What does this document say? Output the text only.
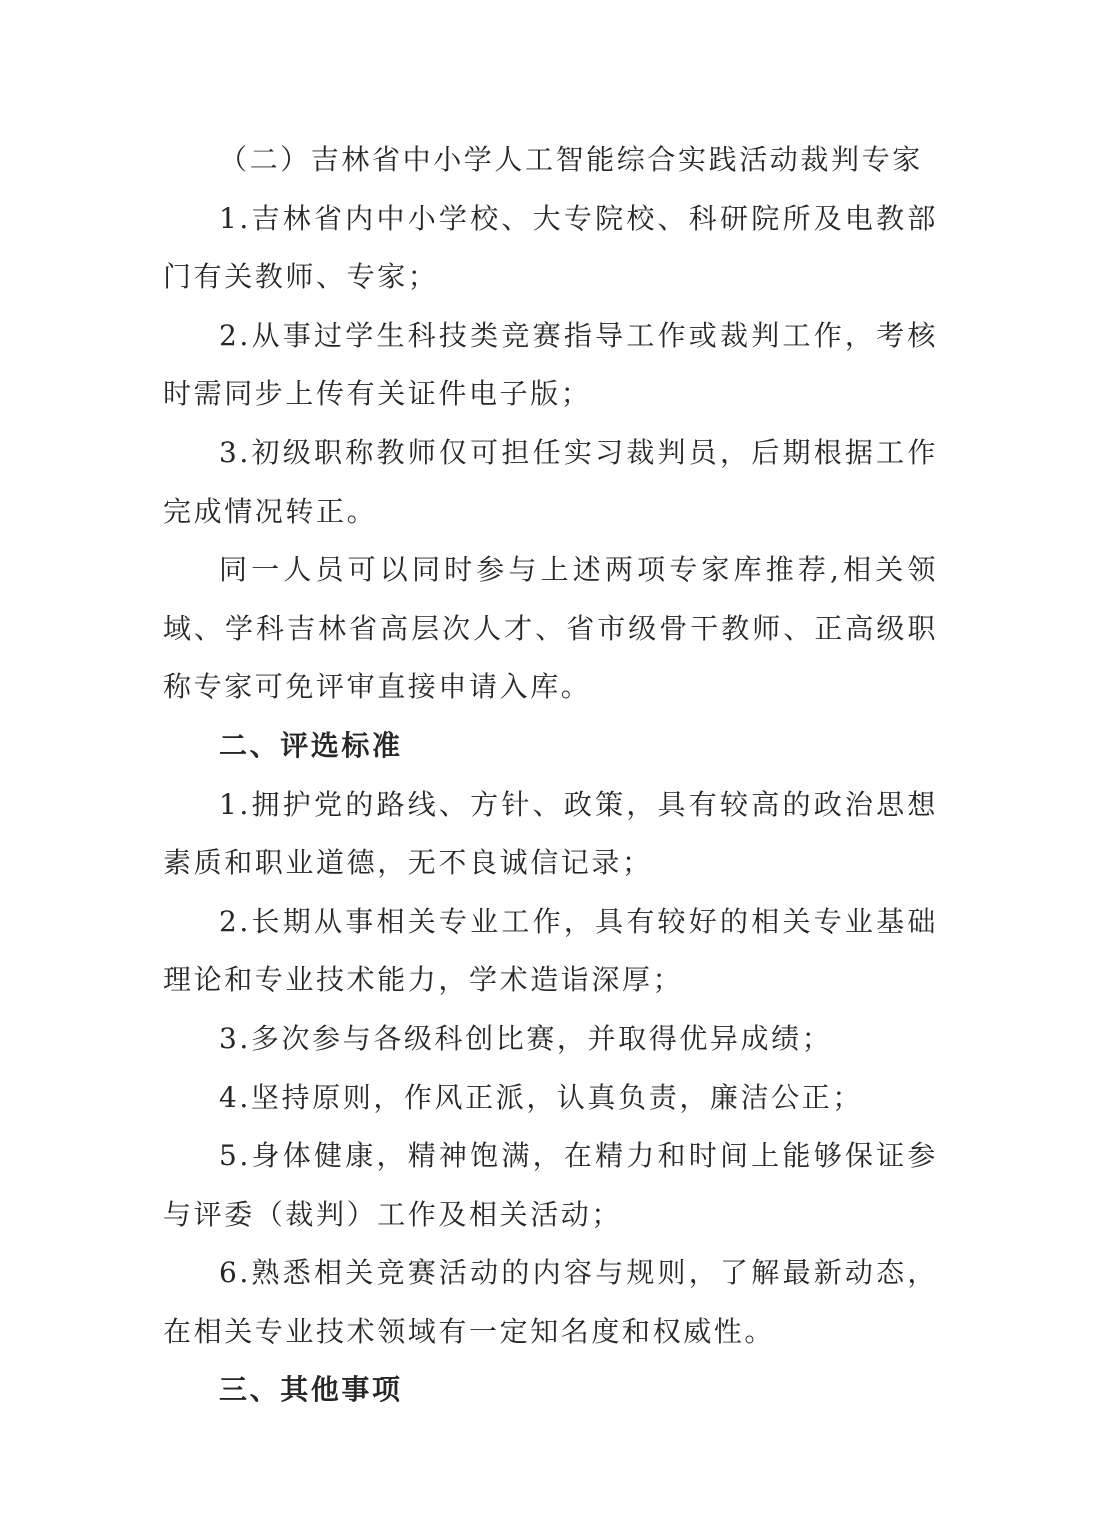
（二）吉林省中小学人工智能综合实践活动裁判专家

1.吉林省内中小学校、大专院校、科研院所及电教部门有关教师、专家；

2.从事过学生科技类竞赛指导工作或裁判工作，考核时需同步上传有关证件电子版；

3.初级职称教师仅可担任实习裁判员，后期根据工作完成情况转正。

同一人员可以同时参与上述两项专家库推荐,相关领域、学科吉林省高层次人才、省市级骨干教师、正高级职称专家可免评审直接申请入库。

二、评选标准

1.拥护党的路线、方针、政策，具有较高的政治思想素质和职业道德，无不良诚信记录；

2.长期从事相关专业工作，具有较好的相关专业基础理论和专业技术能力，学术造诣深厚；

3.多次参与各级科创比赛，并取得优异成绩；

4.坚持原则，作风正派，认真负责，廉洁公正；

5.身体健康，精神饱满，在精力和时间上能够保证参与评委（裁判）工作及相关活动；

6.熟悉相关竞赛活动的内容与规则，了解最新动态，在相关专业技术领域有一定知名度和权威性。

三、其他事项
